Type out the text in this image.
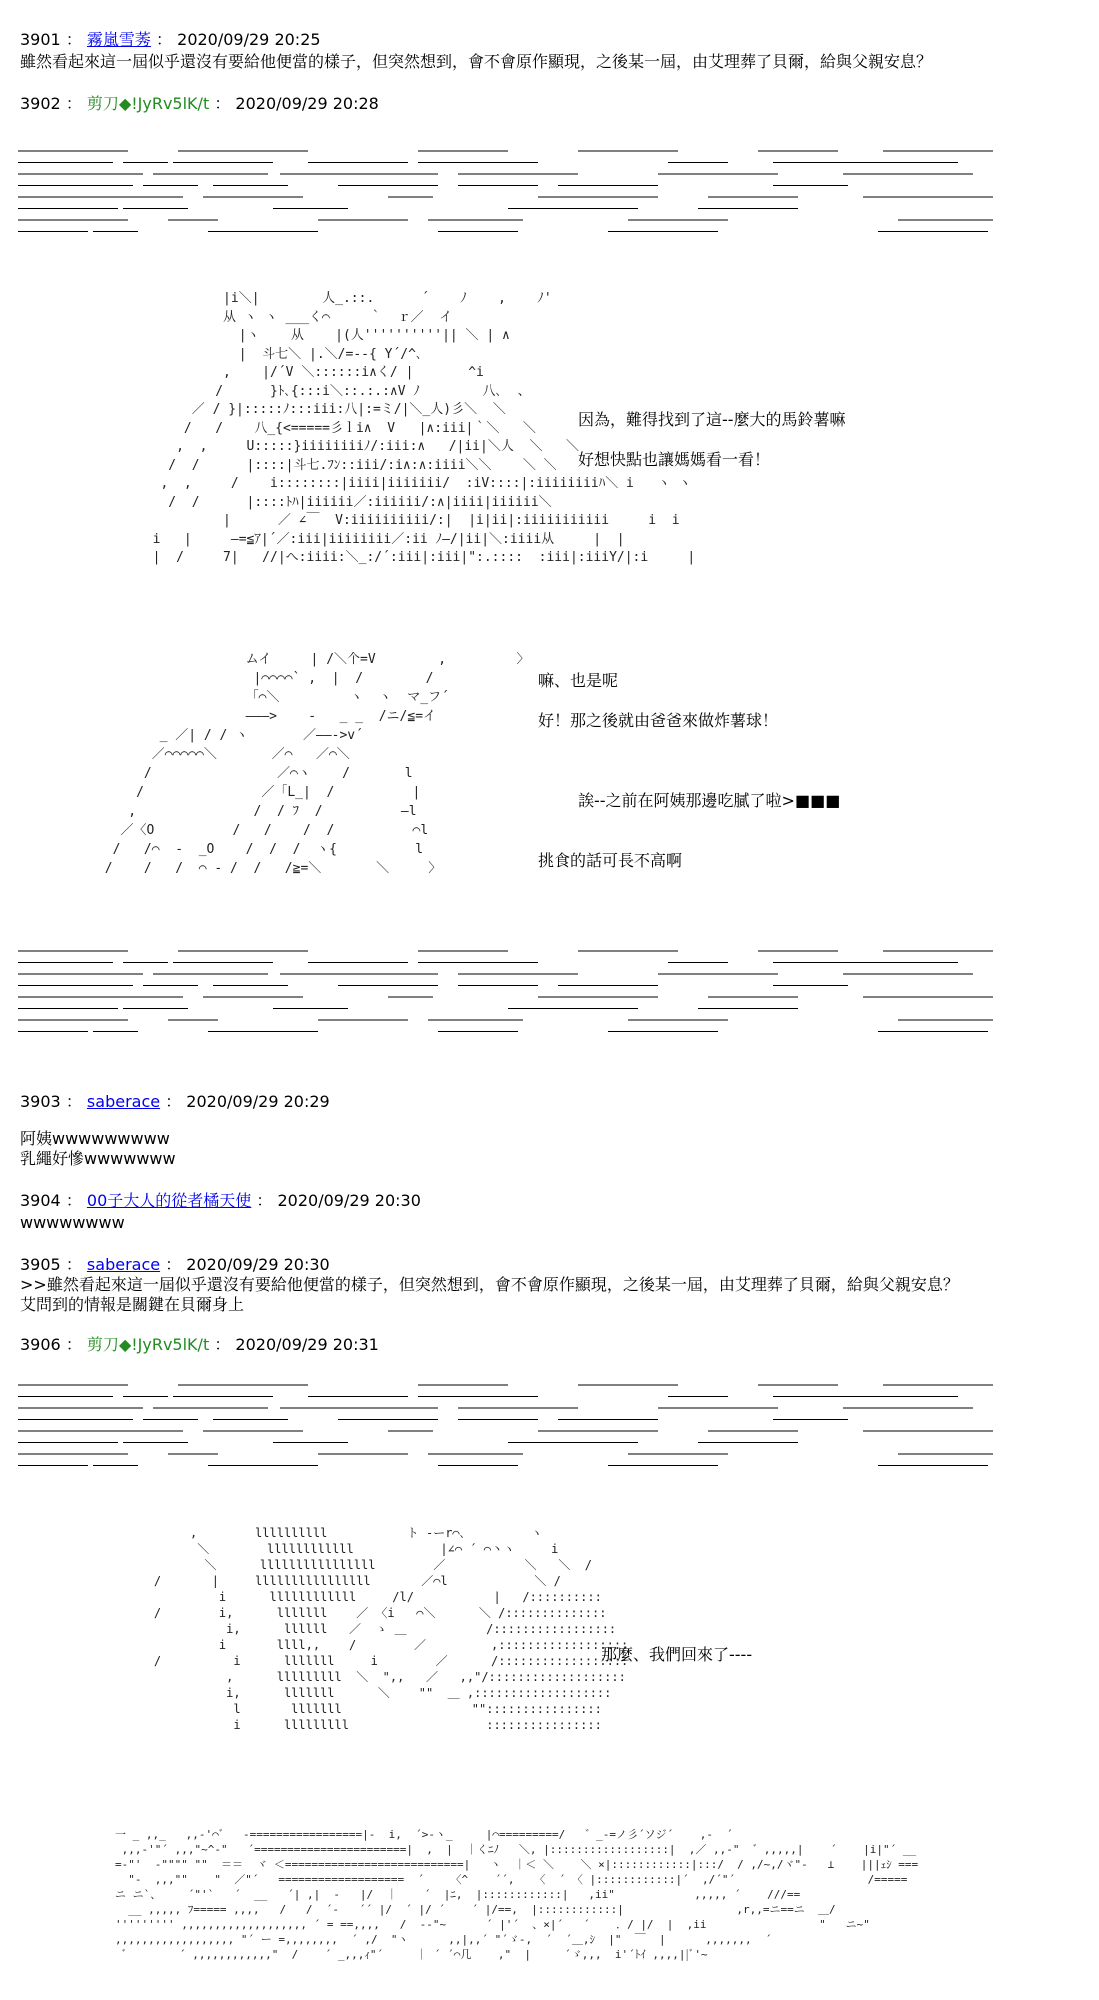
3901 ： 霧嵐雪莠 ： 2020/09/29 20:25
雖然看起來這一屆似乎還沒有要給他便當的樣子，但突然想到，會不會原作顯現，之後某一屆，由艾理葬了貝爾，給與父親安息？
3902 ： 剪刀◆!JyRv5lK/t ： 2020/09/29 20:28
|i＼|        人_.::.      ´    ﾉ    ,    ﾉ'
从 ヽ ヽ ___く⌒     ｀  ｒ／  イ
|ヽ    从    |(人''''''''''|| ＼ | ∧
|  斗七＼ |.＼/=--{ Y´/^､
,    |/´V ＼::::::i∧く/ |       ^i
/      }ﾄ､{:::i＼::.:.:∧V ﾉ        八､  、
／ / }|:::::ﾉ:::iii:八|:=ミ/|＼_人)彡＼  ＼
/   /    八_{<=====彡ｌi∧  V   |∧:iii|｀＼   ＼
,  ,     U:::::}iiiiiiiiﾉ/:iii:∧   /|ii|＼人  ＼   ＼
/  /      |::::|斗七.ﾌﾝ::iii/:i∧:∧:iiii＼＼    ＼ ＼
,  ,     /    i::::::::|iiii|iiiiiii/  :iV::::|:iiiiiiiiﾊ＼ i   ヽ ヽ
/  /      |::::ﾄﾊ|iiiiii／:iiiiii/:∧|iiii|iiiiii＼
|      ／ ∠￣  V:iiiiiiiiii/:|  |i|ii|:iiiiiiiiiii     i  i
i   |     —=≦ｱ|´／:iii|iiiiiiii／:ii ﾉ—/|ii|＼:iiii从     |  |
|  /     7|   //|へ:iiii:＼_:/´:iii|:iii|":.::::  :iii|:iiiY/|:i     |
因為，難得找到了這--麼大的馬鈴薯嘛
好想快點也讓媽媽看一看！
ムイ     | /＼个=V        ,         〉
|⌒⌒⌒⌒` ,  |  /        /
「⌒＼         ヽ  ヽ  マ_フ´
———>    -   _ _  /ニ/≦=イ
_ ／| / / ヽ       ／——‐>v´
／⌒⌒⌒⌒⌒＼       ／⌒   ／⌒＼
/                ／⌒ヽ    /       l
/               ／「L_|  /          |
,               /  / ﾌ  /          —l
／〈O          /   /    /  /          ⌒l
/   /⌒  -  _O    /  /  /  ヽ{          l
/    /   /  ⌒ - /  /   /≧=＼       ＼     〉
嘛、也是呢
好！那之後就由爸爸來做炸薯球！
誒--之前在阿姨那邊吃膩了啦>■■■
挑食的話可長不高啊
3903 ： saberace ： 2020/09/29 20:29
阿姨wwwwwwwww
乳繩好慘wwwwwww
3904 ： 00子大人的從者橘天使 ： 2020/09/29 20:30
wwwwwwww
3905 ： saberace ： 2020/09/29 20:30
>>雖然看起來這一屆似乎還沒有要給他便當的樣子，但突然想到，會不會原作顯現，之後某一屆，由艾理葬了貝爾，給與父親安息？
艾問到的情報是關鍵在貝爾身上
3906 ： 剪刀◆!JyRv5lK/t ： 2020/09/29 20:31
,        llllllllll           ト -ーr⌒､         ヽ
＼        llllllllllll            |∠⌒ ´ ⌒丶ヽ     i
＼      llllllllllllllll        ／           ＼   ＼  /
/       |     llllllllllllllll       ／⌒l            ＼ /
i      llllllllllll     /l/           |   /::::::::::
/        i,      lllllll    ／ 〈i   ⌒＼      ＼ /::::::::::::::
i,      llllll   ／  ゝ ＿           /:::::::::::::::::
i       llll,,    /        ／         ,::::::::::::::::::
/          i      lllllll     i        ／      /::::::::::::::::::
,      lllllllll  ＼  ",,   ／   ,,"/:::::::::::::::::::
i,      lllllll      ＼    ""  ＿ ,:::::::::::::::::::
l       lllllll                  ""::::::::::::::::
i      lllllllll                   ::::::::::::::::
那麼、我們回來了----
一 _ ,,_   ,,-'⌒゛  ‐=================|‐  i,  ´>‐ヽ_     |⌒=========/   ゛_‐=ノ彡´ソジ´    ,-  ´
,,,-'"´ ,,,"~^‐"   ´=======================|  ,  |  ｜くﾆﾉ   ＼, |::::::::::::::::::|  ,／ ,,-"  ゛,,,,,|    ´    |i|"´ __
=-"'  -"""" ""  ＝＝  ヾ ＜===========================|   ヽ  ｜＜ ＼    ＼ ×|::::::::::::|:::/  / ,/~,/ヾ"‐   ⊥    |||ｪｼ ===
"‐  ,,,""    "  ／"´   ===================  ´    〈^    ´´,   〈  ´ 〈 |::::::::::::|´  ,/´"´                    /=====
ニ ニ`、    ´"'`   ´  __   ´| ,|  ‐   |/  ｜    ´  |ﾆ,  |::::::::::::|   ,ii"            ,,,,, ´    ///==
__ ,,,,, ﾌ===== ,,,,   /   /  ´‐   ´´ |/  ´ |/ ´    ´ |/==,  |::::::::::::|                 ,r,,=ニ==ニ  ＿/
''''''''' ,,,,,,,,,,,,,,,,,,, ´ = ==,,,,   /  -‐"~      ´ |'´  、×|´   ´    ．/ |/  |  ,ii                 "   ニ~"
,,,,,,,,,,,,,,,,,, "´ ー =,,,,,,,,  ´ ,/  "ヽ      ,,|,,´ "´ゞ‐,  ´  ´＿,ｼ  |"  ￣  |      ,,,,,,,  ´
゛       ´ ,,,,,,,,,,,,"  /    ´ _,,,ｨ"´     ｜ ´ ´⌒几    ,"  |     ´ゞ,,,  i'´ﾄｲ ,,,,||ﾞ'~
